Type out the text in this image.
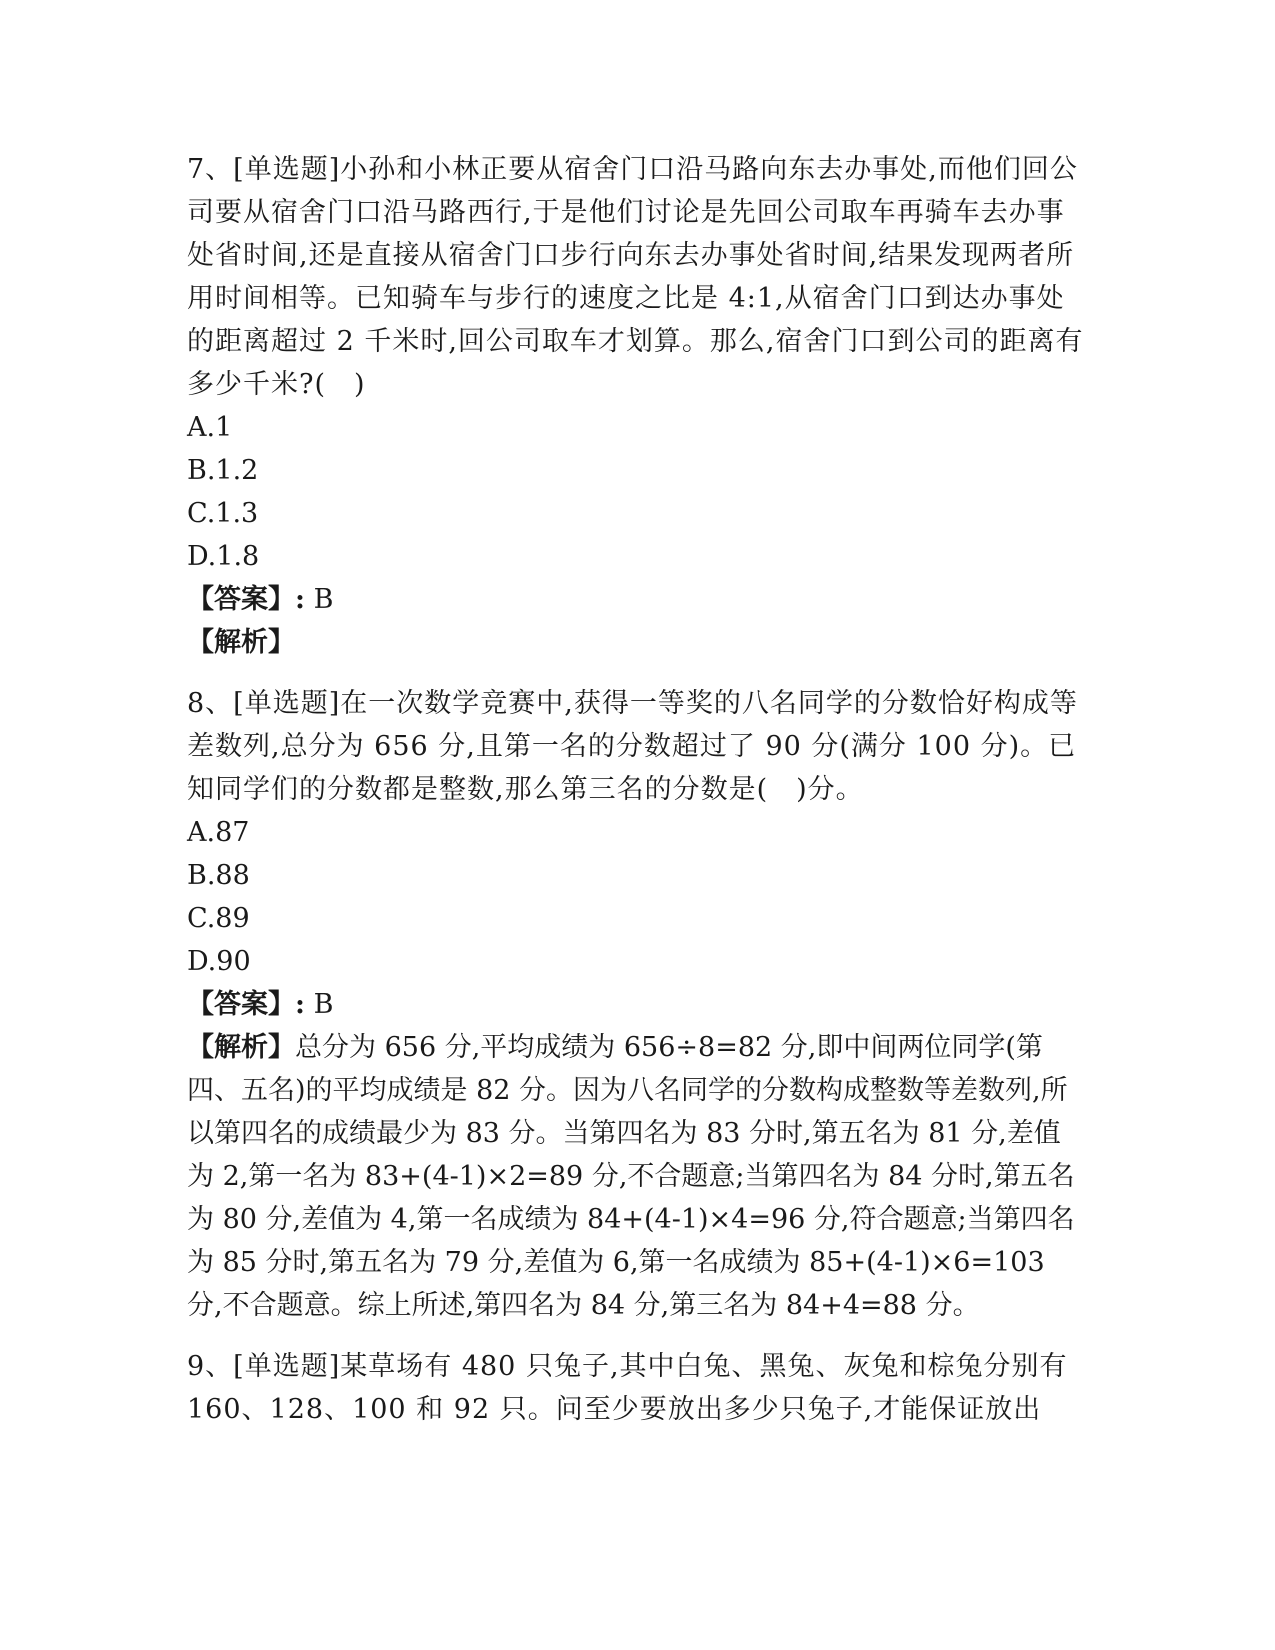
7、[单选题]小孙和小林正要从宿舍门口沿马路向东去办事处,而他们回公司要从宿舍门口沿马路西行,于是他们讨论是先回公司取车再骑车去办事处省时间,还是直接从宿舍门口步行向东去办事处省时间,结果发现两者所用时间相等。已知骑车与步行的速度之比是 4:1,从宿舍门口到达办事处的距离超过 2 千米时,回公司取车才划算。那么,宿舍门口到公司的距离有多少千米?(　)

A.1

B.1.2

C.1.3

D.1.8

【答案】: B

【解析】

8、[单选题]在一次数学竞赛中,获得一等奖的八名同学的分数恰好构成等差数列,总分为 656 分,且第一名的分数超过了 90 分(满分 100 分)。已知同学们的分数都是整数,那么第三名的分数是(　)分。

A.87

B.88

C.89

D.90

【答案】: B

【解析】总分为 656 分,平均成绩为 656÷8=82 分,即中间两位同学(第四、五名)的平均成绩是 82 分。因为八名同学的分数构成整数等差数列,所以第四名的成绩最少为 83 分。当第四名为 83 分时,第五名为 81 分,差值为 2,第一名为 83+(4-1)×2=89 分,不合题意;当第四名为 84 分时,第五名为 80 分,差值为 4,第一名成绩为 84+(4-1)×4=96 分,符合题意;当第四名为 85 分时,第五名为 79 分,差值为 6,第一名成绩为 85+(4-1)×6=103 分,不合题意。综上所述,第四名为 84 分,第三名为 84+4=88 分。

9、[单选题]某草场有 480 只兔子,其中白兔、黑兔、灰兔和棕兔分别有 160、128、100 和 92 只。问至少要放出多少只兔子,才能保证放出
